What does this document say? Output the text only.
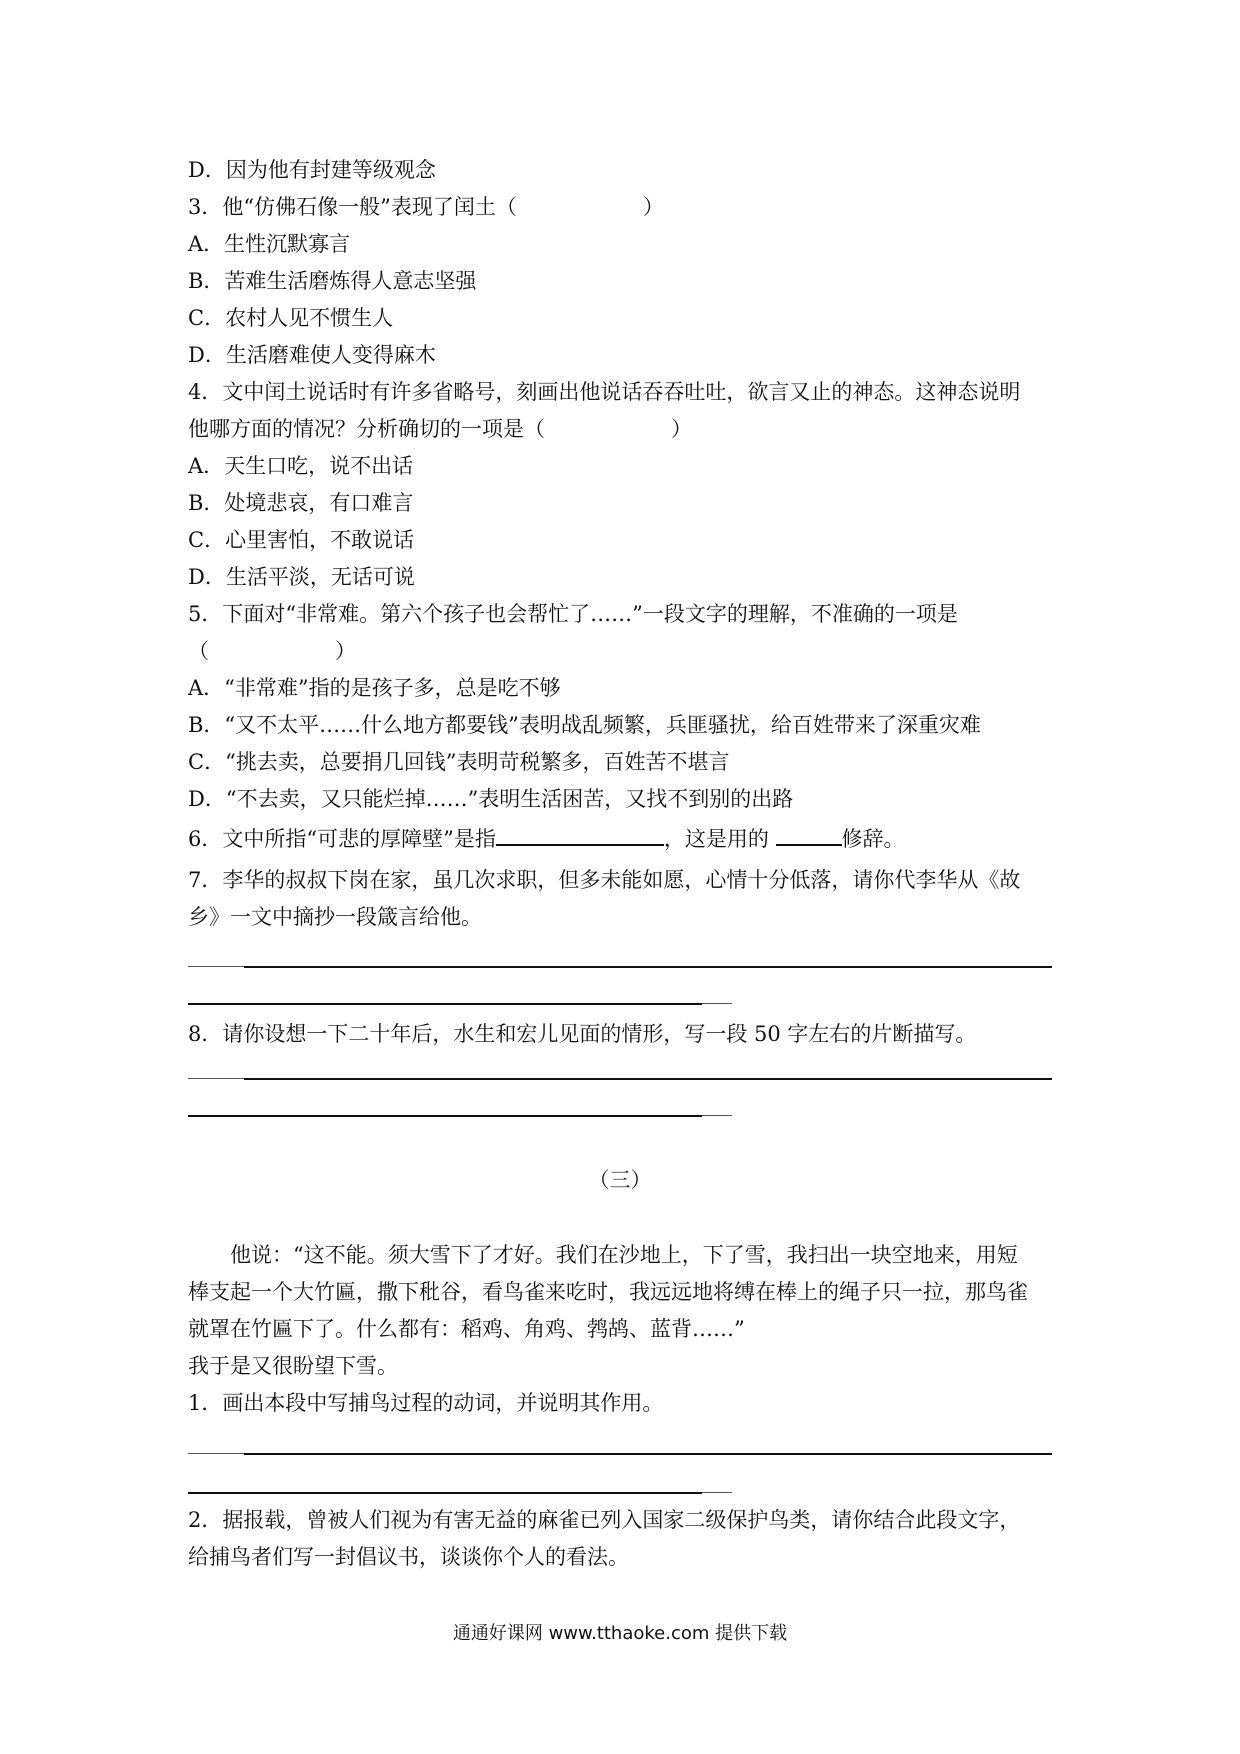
D．因为他有封建等级观念
3．他“仿佛石像一般”表现了闰土（　　　　　　）
A．生性沉默寡言
B．苦难生活磨炼得人意志坚强
C．农村人见不惯生人
D．生活磨难使人变得麻木
4．文中闰土说话时有许多省略号，刻画出他说话吞吞吐吐，欲言又止的神态。这神态说明
他哪方面的情况？分析确切的一项是（　　　　　　）
A．天生口吃，说不出话
B．处境悲哀，有口难言
C．心里害怕，不敢说话
D．生活平淡，无话可说
5．下面对“非常难。第六个孩子也会帮忙了……”一段文字的理解，不准确的一项是
（　　　　　　）
A．“非常难”指的是孩子多，总是吃不够
B．“又不太平……什么地方都要钱”表明战乱频繁，兵匪骚扰，给百姓带来了深重灾难
C．“挑去卖，总要捐几回钱”表明苛税繁多，百姓苦不堪言
D．“不去卖，又只能烂掉……”表明生活困苦，又找不到别的出路
6．文中所指“可悲的厚障壁”是指	，这是用的	修辞。
7．李华的叔叔下岗在家，虽几次求职，但多未能如愿，心情十分低落，请你代李华从《故
乡》一文中摘抄一段箴言给他。
8．请你设想一下二十年后，水生和宏儿见面的情形，写一段 50 字左右的片断描写。
（三）
他说：“这不能。须大雪下了才好。我们在沙地上，下了雪，我扫出一块空地来，用短
棒支起一个大竹匾，撒下秕谷，看鸟雀来吃时，我远远地将缚在棒上的绳子只一拉，那鸟雀
就罩在竹匾下了。什么都有：稻鸡、角鸡、鹁鸪、蓝背……”
我于是又很盼望下雪。
1．画出本段中写捕鸟过程的动词，并说明其作用。
2．据报载，曾被人们视为有害无益的麻雀已列入国家二级保护鸟类，请你结合此段文字，
给捕鸟者们写一封倡议书，谈谈你个人的看法。
通通好课网 www.tthaoke.com 提供下载
